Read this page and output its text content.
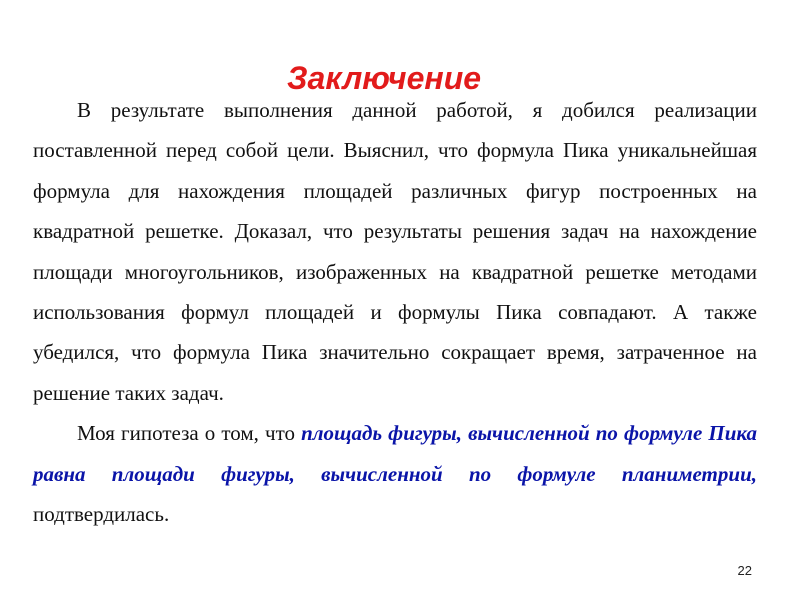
Заключение

В результате выполнения данной работой, я добился реализации поставленной перед собой цели. Выяснил, что формула Пика уникальнейшая формула для нахождения площадей различных фигур построенных на квадратной решетке. Доказал, что результаты решения задач на нахождение площади многоугольников, изображенных на квадратной решетке методами использования формул площадей и формулы Пика совпадают. А также убедился, что формула Пика значительно сокращает время, затраченное на решение таких задач.

Моя гипотеза о том, что площадь фигуры, вычисленной по формуле Пика равна площади фигуры, вычисленной по формуле планиметрии, подтвердилась.

22
